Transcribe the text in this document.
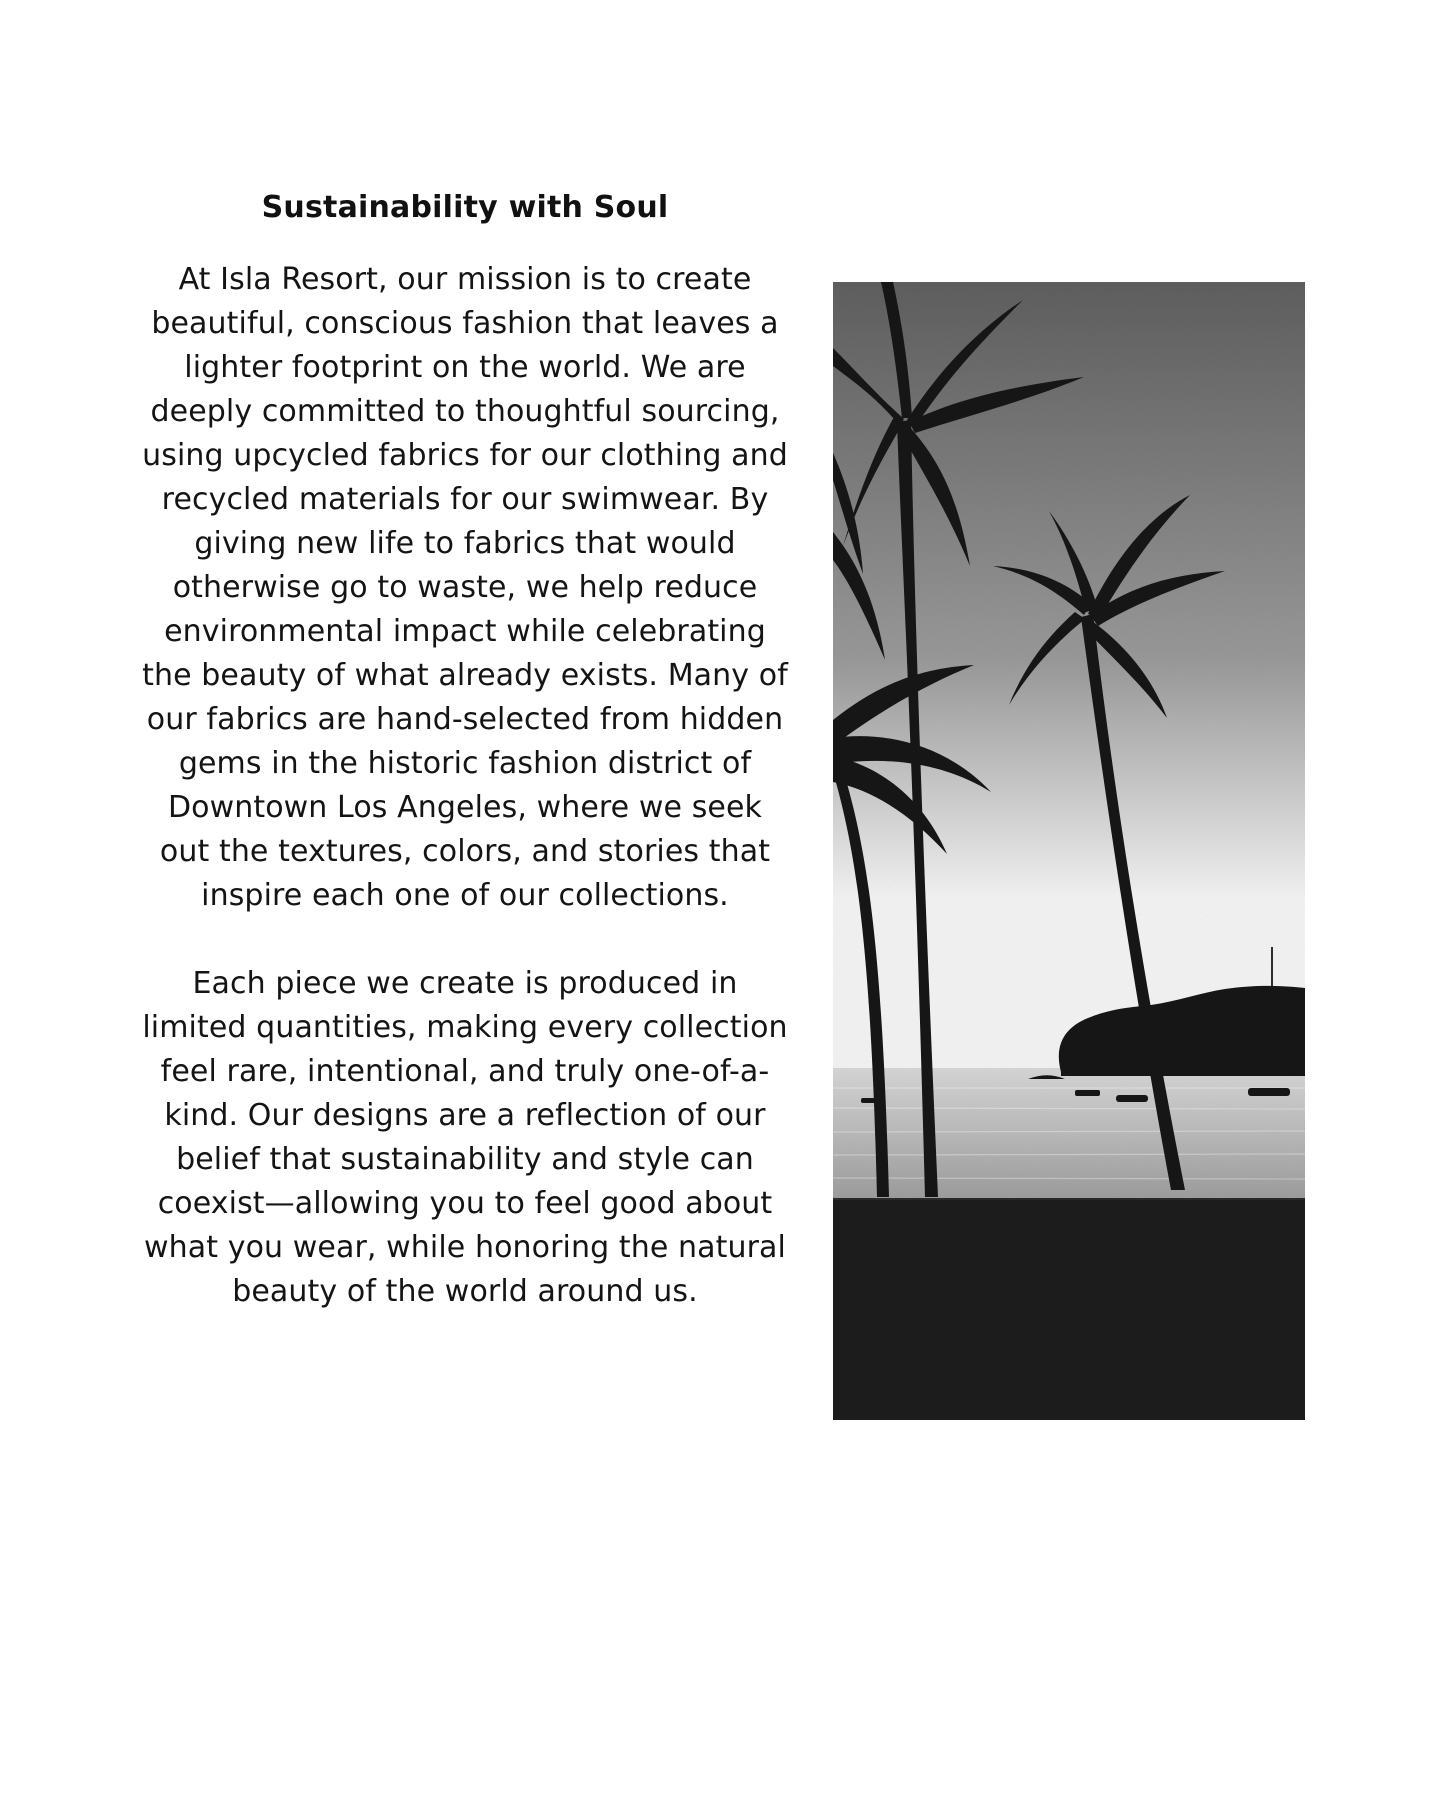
Sustainability with Soul

At Isla Resort, our mission is to create beautiful, conscious fashion that leaves a lighter footprint on the world. We are deeply committed to thoughtful sourcing, using upcycled fabrics for our clothing and recycled materials for our swimwear. By giving new life to fabrics that would otherwise go to waste, we help reduce environmental impact while celebrating the beauty of what already exists. Many of our fabrics are hand-selected from hidden gems in the historic fashion district of Downtown Los Angeles, where we seek out the textures, colors, and stories that inspire each one of our collections.

Each piece we create is produced in limited quantities, making every collection feel rare, intentional, and truly one-of-a-kind. Our designs are a reflection of our belief that sustainability and style can coexist—allowing you to feel good about what you wear, while honoring the natural beauty of the world around us.
